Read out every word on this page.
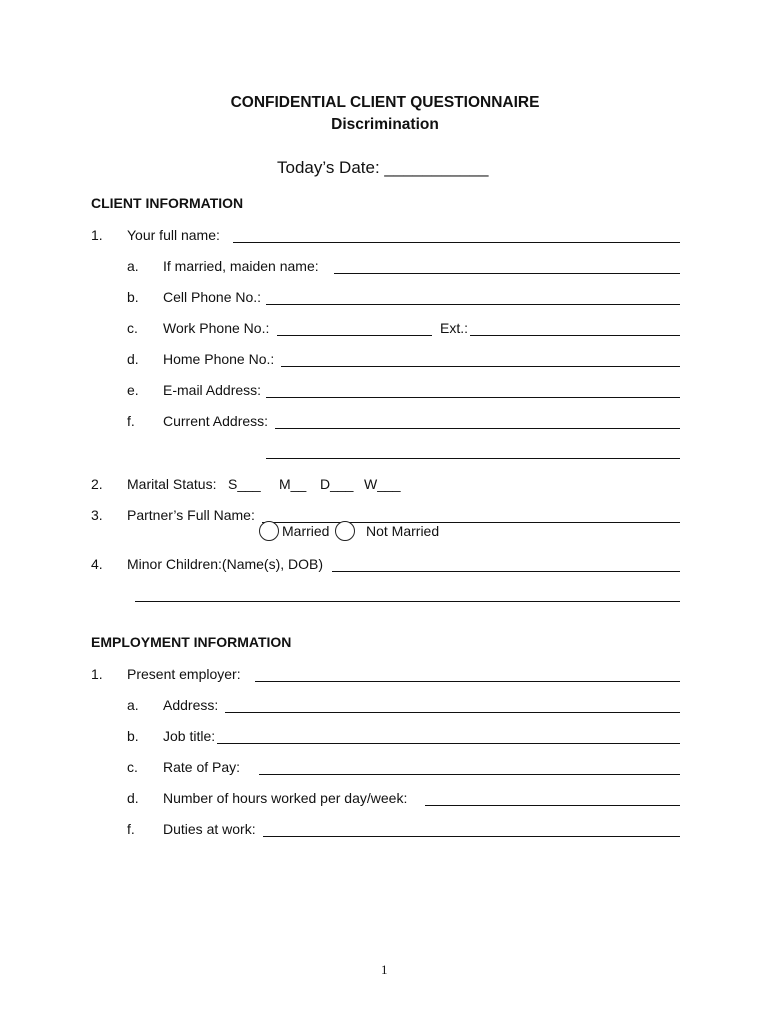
CONFIDENTIAL CLIENT QUESTIONNAIRE
Discrimination
Today’s Date: ___________
CLIENT INFORMATION
1. Your full name:
a. If married, maiden name:
b. Cell Phone No.:
c. Work Phone No.:	Ext.:
d. Home Phone No.:
e. E-mail Address:
f. Current Address:
2. Marital Status: S___ M__ D___ W___
3. Partner’s Full Name:
Married	Not Married
4. Minor Children:(Name(s), DOB)
EMPLOYMENT INFORMATION
1. Present employer:
a. Address:
b. Job title:
c. Rate of Pay:
d. Number of hours worked per day/week:
f. Duties at work:
1
